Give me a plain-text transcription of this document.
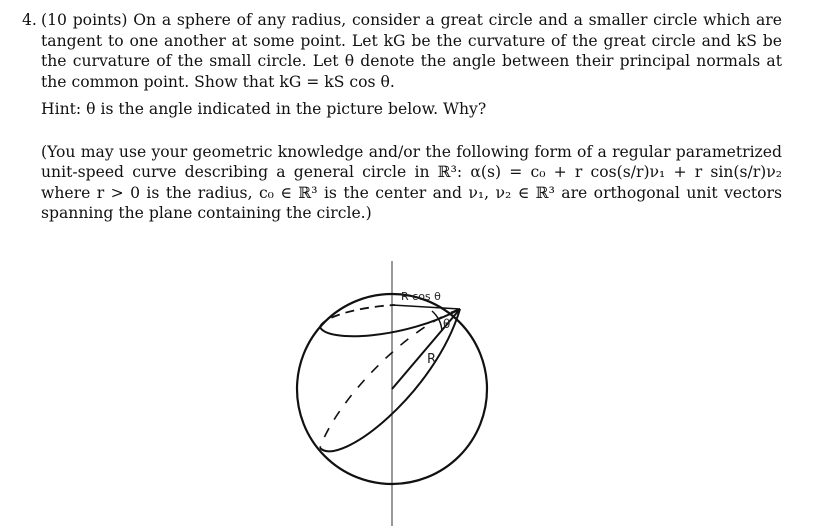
4. (10 points) On a sphere of any radius, consider a great circle and a smaller circle which are tangent to one another at some point. Let kG be the curvature of the great circle and kS be the curvature of the small circle. Let θ denote the angle between their principal normals at the common point. Show that kG = kS cos θ.

Hint: θ is the angle indicated in the picture below. Why?

(You may use your geometric knowledge and/or the following form of a regular parametrized unit-speed curve describing a general circle in ℝ³: α(s) = c₀ + r cos(s/r)ν₁ + r sin(s/r)ν₂ where r > 0 is the radius, c₀ ∈ ℝ³ is the center and ν₁, ν₂ ∈ ℝ³ are orthogonal unit vectors spanning the plane containing the circle.)

R cos θ
R
θ
